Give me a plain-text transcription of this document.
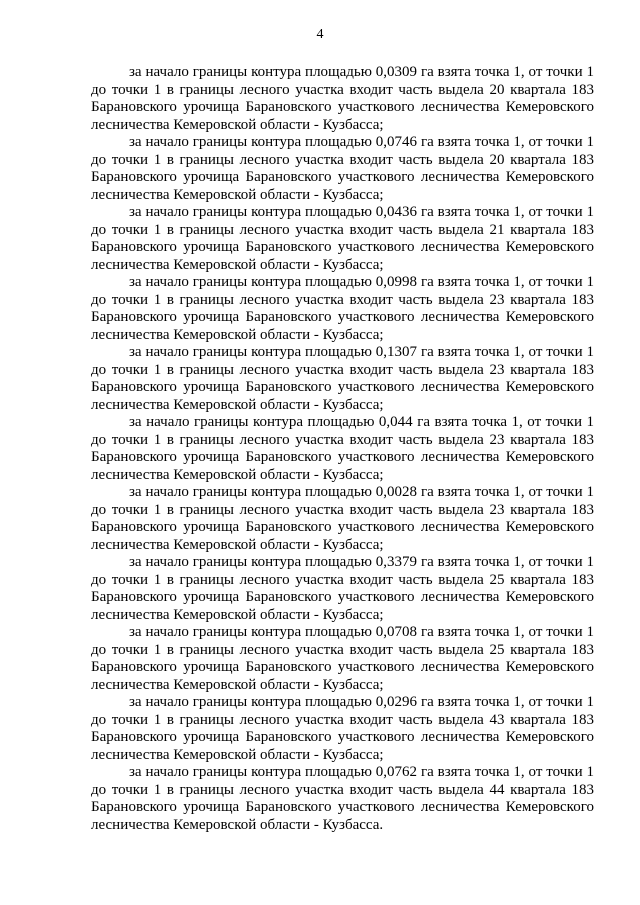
4

за начало границы контура площадью 0,0309 га взята точка 1, от точки 1 до точки 1 в границы лесного участка входит часть выдела 20 квартала 183 Барановского урочища Барановского участкового лесничества Кемеровского лесничества Кемеровской области - Кузбасса;

за начало границы контура площадью 0,0746 га взята точка 1, от точки 1 до точки 1 в границы лесного участка входит часть выдела 20 квартала 183 Барановского урочища Барановского участкового лесничества Кемеровского лесничества Кемеровской области - Кузбасса;

за начало границы контура площадью 0,0436 га взята точка 1, от точки 1 до точки 1 в границы лесного участка входит часть выдела 21 квартала 183 Барановского урочища Барановского участкового лесничества Кемеровского лесничества Кемеровской области - Кузбасса;

за начало границы контура площадью 0,0998 га взята точка 1, от точки 1 до точки 1 в границы лесного участка входит часть выдела 23 квартала 183 Барановского урочища Барановского участкового лесничества Кемеровского лесничества Кемеровской области - Кузбасса;

за начало границы контура площадью 0,1307 га взята точка 1, от точки 1 до точки 1 в границы лесного участка входит часть выдела 23 квартала 183 Барановского урочища Барановского участкового лесничества Кемеровского лесничества Кемеровской области - Кузбасса;

за начало границы контура площадью 0,044 га взята точка 1, от точки 1 до точки 1 в границы лесного участка входит часть выдела 23 квартала 183 Барановского урочища Барановского участкового лесничества Кемеровского лесничества Кемеровской области - Кузбасса;

за начало границы контура площадью 0,0028 га взята точка 1, от точки 1 до точки 1 в границы лесного участка входит часть выдела 23 квартала 183 Барановского урочища Барановского участкового лесничества Кемеровского лесничества Кемеровской области - Кузбасса;

за начало границы контура площадью 0,3379 га взята точка 1, от точки 1 до точки 1 в границы лесного участка входит часть выдела 25 квартала 183 Барановского урочища Барановского участкового лесничества Кемеровского лесничества Кемеровской области - Кузбасса;

за начало границы контура площадью 0,0708 га взята точка 1, от точки 1 до точки 1 в границы лесного участка входит часть выдела 25 квартала 183 Барановского урочища Барановского участкового лесничества Кемеровского лесничества Кемеровской области - Кузбасса;

за начало границы контура площадью 0,0296 га взята точка 1, от точки 1 до точки 1 в границы лесного участка входит часть выдела 43 квартала 183 Барановского урочища Барановского участкового лесничества Кемеровского лесничества Кемеровской области - Кузбасса;

за начало границы контура площадью 0,0762 га взята точка 1, от точки 1 до точки 1 в границы лесного участка входит часть выдела 44 квартала 183 Барановского урочища Барановского участкового лесничества Кемеровского лесничества Кемеровской области - Кузбасса.
